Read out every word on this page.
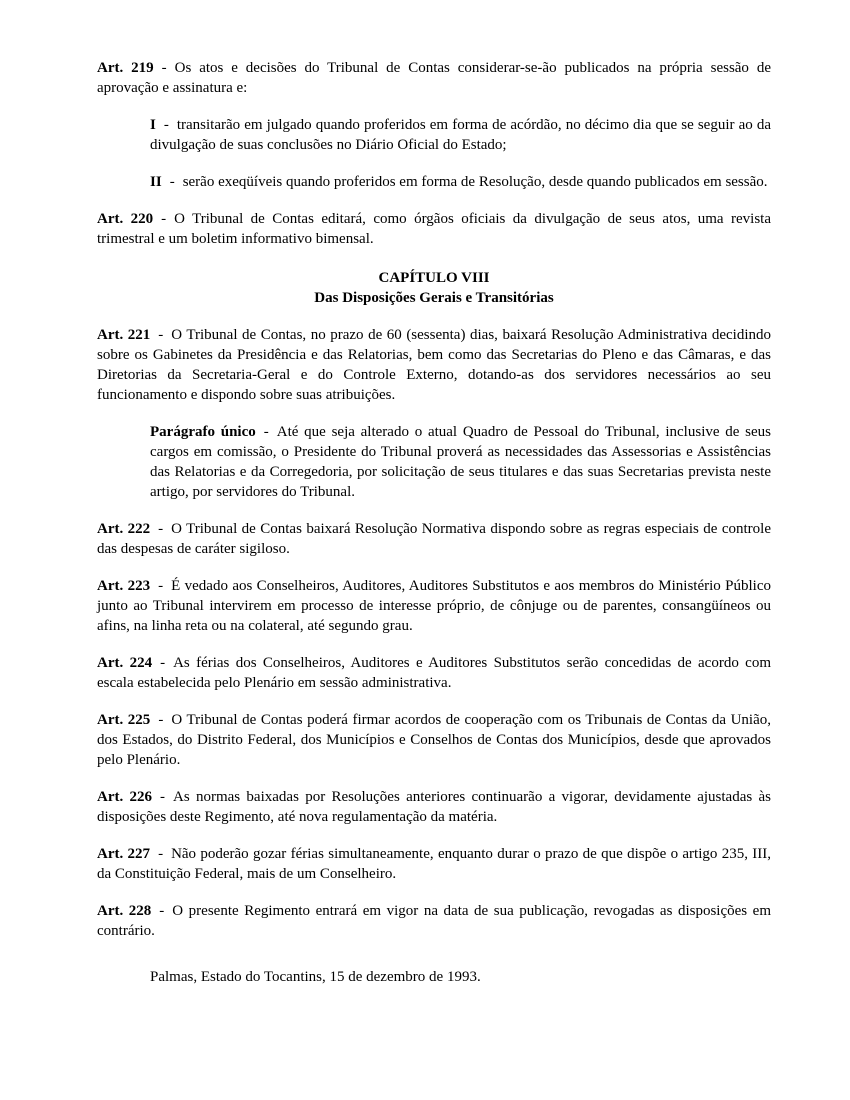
Art. 219 - Os atos e decisões do Tribunal de Contas considerar-se-ão publicados na própria sessão de aprovação e assinatura e:

I - transitarão em julgado quando proferidos em forma de acórdão, no décimo dia que se seguir ao da divulgação de suas conclusões no Diário Oficial do Estado;

II - serão exeqüíveis quando proferidos em forma de Resolução, desde quando publicados em sessão.

Art. 220 - O Tribunal de Contas editará, como órgãos oficiais da divulgação de seus atos, uma revista trimestral e um boletim informativo bimensal.

CAPÍTULO VIII
Das Disposições Gerais e Transitórias

Art. 221 - O Tribunal de Contas, no prazo de 60 (sessenta) dias, baixará Resolução Administrativa decidindo sobre os Gabinetes da Presidência e das Relatorias, bem como das Secretarias do Pleno e das Câmaras, e das Diretorias da Secretaria-Geral e do Controle Externo, dotando-as dos servidores necessários ao seu funcionamento e dispondo sobre suas atribuições.

Parágrafo único - Até que seja alterado o atual Quadro de Pessoal do Tribunal, inclusive de seus cargos em comissão, o Presidente do Tribunal proverá as necessidades das Assessorias e Assistências das Relatorias e da Corregedoria, por solicitação de seus titulares e das suas Secretarias prevista neste artigo, por servidores do Tribunal.

Art. 222 - O Tribunal de Contas baixará Resolução Normativa dispondo sobre as regras especiais de controle das despesas de caráter sigiloso.

Art. 223 - É vedado aos Conselheiros, Auditores, Auditores Substitutos e aos membros do Ministério Público junto ao Tribunal intervirem em processo de interesse próprio, de cônjuge ou de parentes, consangüíneos ou afins, na linha reta ou na colateral, até segundo grau.

Art. 224 - As férias dos Conselheiros, Auditores e Auditores Substitutos serão concedidas de acordo com escala estabelecida pelo Plenário em sessão administrativa.

Art. 225 - O Tribunal de Contas poderá firmar acordos de cooperação com os Tribunais de Contas da União, dos Estados, do Distrito Federal, dos Municípios e Conselhos de Contas dos Municípios, desde que aprovados pelo Plenário.

Art. 226 - As normas baixadas por Resoluções anteriores continuarão a vigorar, devidamente ajustadas às disposições deste Regimento, até nova regulamentação da matéria.

Art. 227 - Não poderão gozar férias simultaneamente, enquanto durar o prazo de que dispõe o artigo 235, III, da Constituição Federal, mais de um Conselheiro.

Art. 228 - O presente Regimento entrará em vigor na data de sua publicação, revogadas as disposições em contrário.

Palmas, Estado do Tocantins, 15 de dezembro de 1993.
